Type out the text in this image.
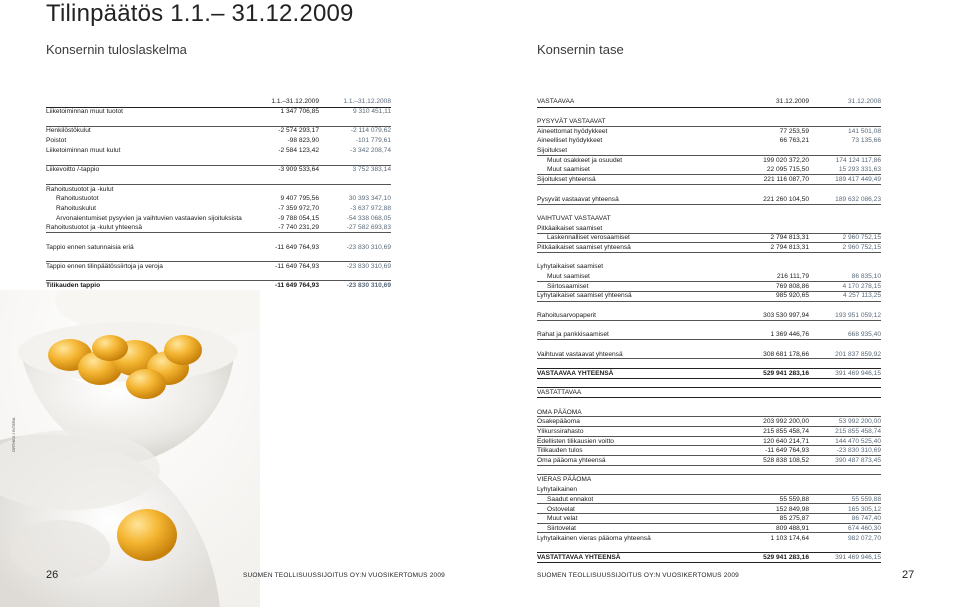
Tilinpäätös 1.1.– 31.12.2009
Konsernin tuloslaskelma	Konsernin tase
1.1.–31.12.2009	1.1.–31.12.2008
Liiketoiminnan muut tuotot	1 347 706,85	9 310 451,11
Henkilöstökulut	-2 574 293,17	-2 114 079,62
Poistot	-98 823,90	-101 779,61
Liiketoiminnan muut kulut	-2 584 123,42	-3 342 208,74
Liikevoitto /-tappio	-3 909 533,64	3 752 383,14
Rahoitustuotot ja -kulut
Rahoitustuotot	9 407 795,56	30 393 347,10
Rahoituskulut	-7 359 972,70	-3 637 972,88
Arvonalentumiset pysyvien ja vaihtuvien vastaavien sijoituksista	-9 788 054,15	-54 338 068,05
Rahoitustuotot ja -kulut yhteensä	-7 740 231,29	-27 582 693,83
Tappio ennen satunnaisia eriä	-11 649 764,93	-23 830 310,69
Tappio ennen tilinpäätössiirtoja ja veroja	-11 649 764,93	-23 830 310,69
Tilikauden tappio	-11 649 764,93	-23 830 310,69
VASTAAVAA	31.12.2009	31.12.2008
PYSYVÄT VASTAAVAT
Aineettomat hyödykkeet	77 253,59	141 501,08
Aineelliset hyödykkeet	66 763,21	73 135,66
Sijoitukset
Muut osakkeet ja osuudet	199 020 372,20	174 124 117,86
Muut saamiset	22 095 715,50	15 293 331,63
Sijoitukset yhteensä	221 116 087,70	189 417 449,49
Pysyvät vastaavat yhteensä	221 260 104,50	189 632 086,23
VAIHTUVAT VASTAAVAT
Pitkäaikaiset saamiset
Laskennalliset verosaamiset	2 794 813,31	2 960 752,15
Pitkäaikaiset saamiset yhteensä	2 794 813,31	2 960 752,15
Lyhytaikaiset saamiset
Muut saamiset	216 111,79	86 835,10
Siirtosaamiset	769 808,86	4 170 278,15
Lyhytaikaiset saamiset yhteensä	985 920,65	4 257 113,25
Rahoitusarvopaperit	303 530 997,94	193 951 059,12
Rahat ja pankkisaamiset	1 369 446,76	668 935,40
Vaihtuvat vastaavat yhteensä	308 681 178,66	201 837 859,92
VASTAAVAA YHTEENSÄ	529 941 283,16	391 469 946,15
VASTATTAVAA
OMA PÄÄOMA
Osakepääoma	203 992 200,00	53 992 200,00
Ylikurssirahasto	215 855 458,74	215 855 458,74
Edellisten tilikausien voitto	120 640 214,71	144 470 525,40
Tilikauden tulos	-11 649 764,93	-23 830 310,69
Oma pääoma yhteensä	528 838 108,52	390 487 873,45
VIERAS PÄÄOMA
Lyhytaikainen
Saadut ennakot	55 559,88	55 559,88
Ostovelat	152 849,98	165 305,12
Muut velat	85 275,87	86 747,40
Siirtovelat	809 488,91	674 460,30
Lyhytaikainen vieras pääoma yhteensä	1 103 174,64	982 072,70
VASTATTAVAA YHTEENSÄ	529 941 283,16	391 469 946,15
ORTHEX / INTERA
26	SUOMEN TEOLLISUUSSIJOITUS OY:N VUOSIKERTOMUS 2009	SUOMEN TEOLLISUUSSIJOITUS OY:N VUOSIKERTOMUS 2009	27
